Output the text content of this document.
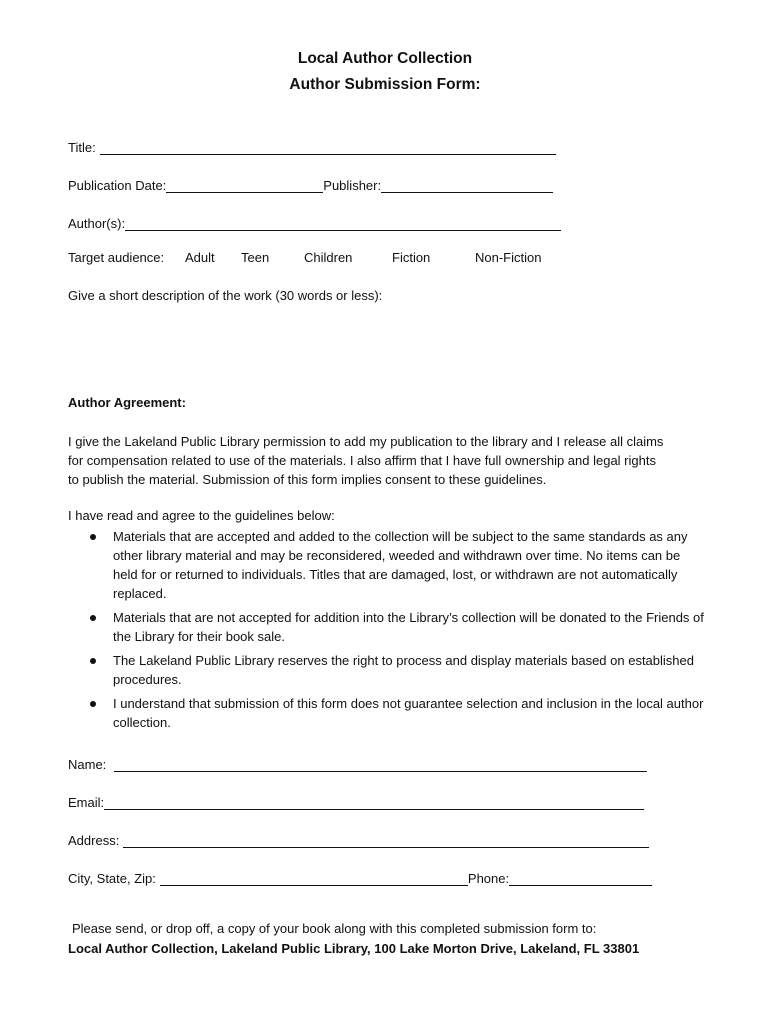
Local Author Collection
Author Submission Form:
Title:
Publication Date:	Publisher:
Author(s):
Target audience: Adult Teen	Children	Fiction	Non-Fiction
Give a short description of the work (30 words or less):
Author Agreement:
I give the Lakeland Public Library permission to add my publication to the library and I release all claims
for compensation related to use of the materials. I also affirm that I have full ownership and legal rights
to publish the material. Submission of this form implies consent to these guidelines.
I have read and agree to the guidelines below:
Materials that are accepted and added to the collection will be subject to the same standards as any other library material and may be reconsidered, weeded and withdrawn over time. No items can be held for or returned to individuals. Titles that are damaged, lost, or withdrawn are not automatically replaced.
Materials that are not accepted for addition into the Library’s collection will be donated to the Friends of the Library for their book sale.
The Lakeland Public Library reserves the right to process and display materials based on established procedures.
I understand that submission of this form does not guarantee selection and inclusion in the local author collection.
Name:
Email:
Address:
City, State, Zip:	Phone:
Please send, or drop off, a copy of your book along with this completed submission form to:
Local Author Collection, Lakeland Public Library, 100 Lake Morton Drive, Lakeland, FL 33801
